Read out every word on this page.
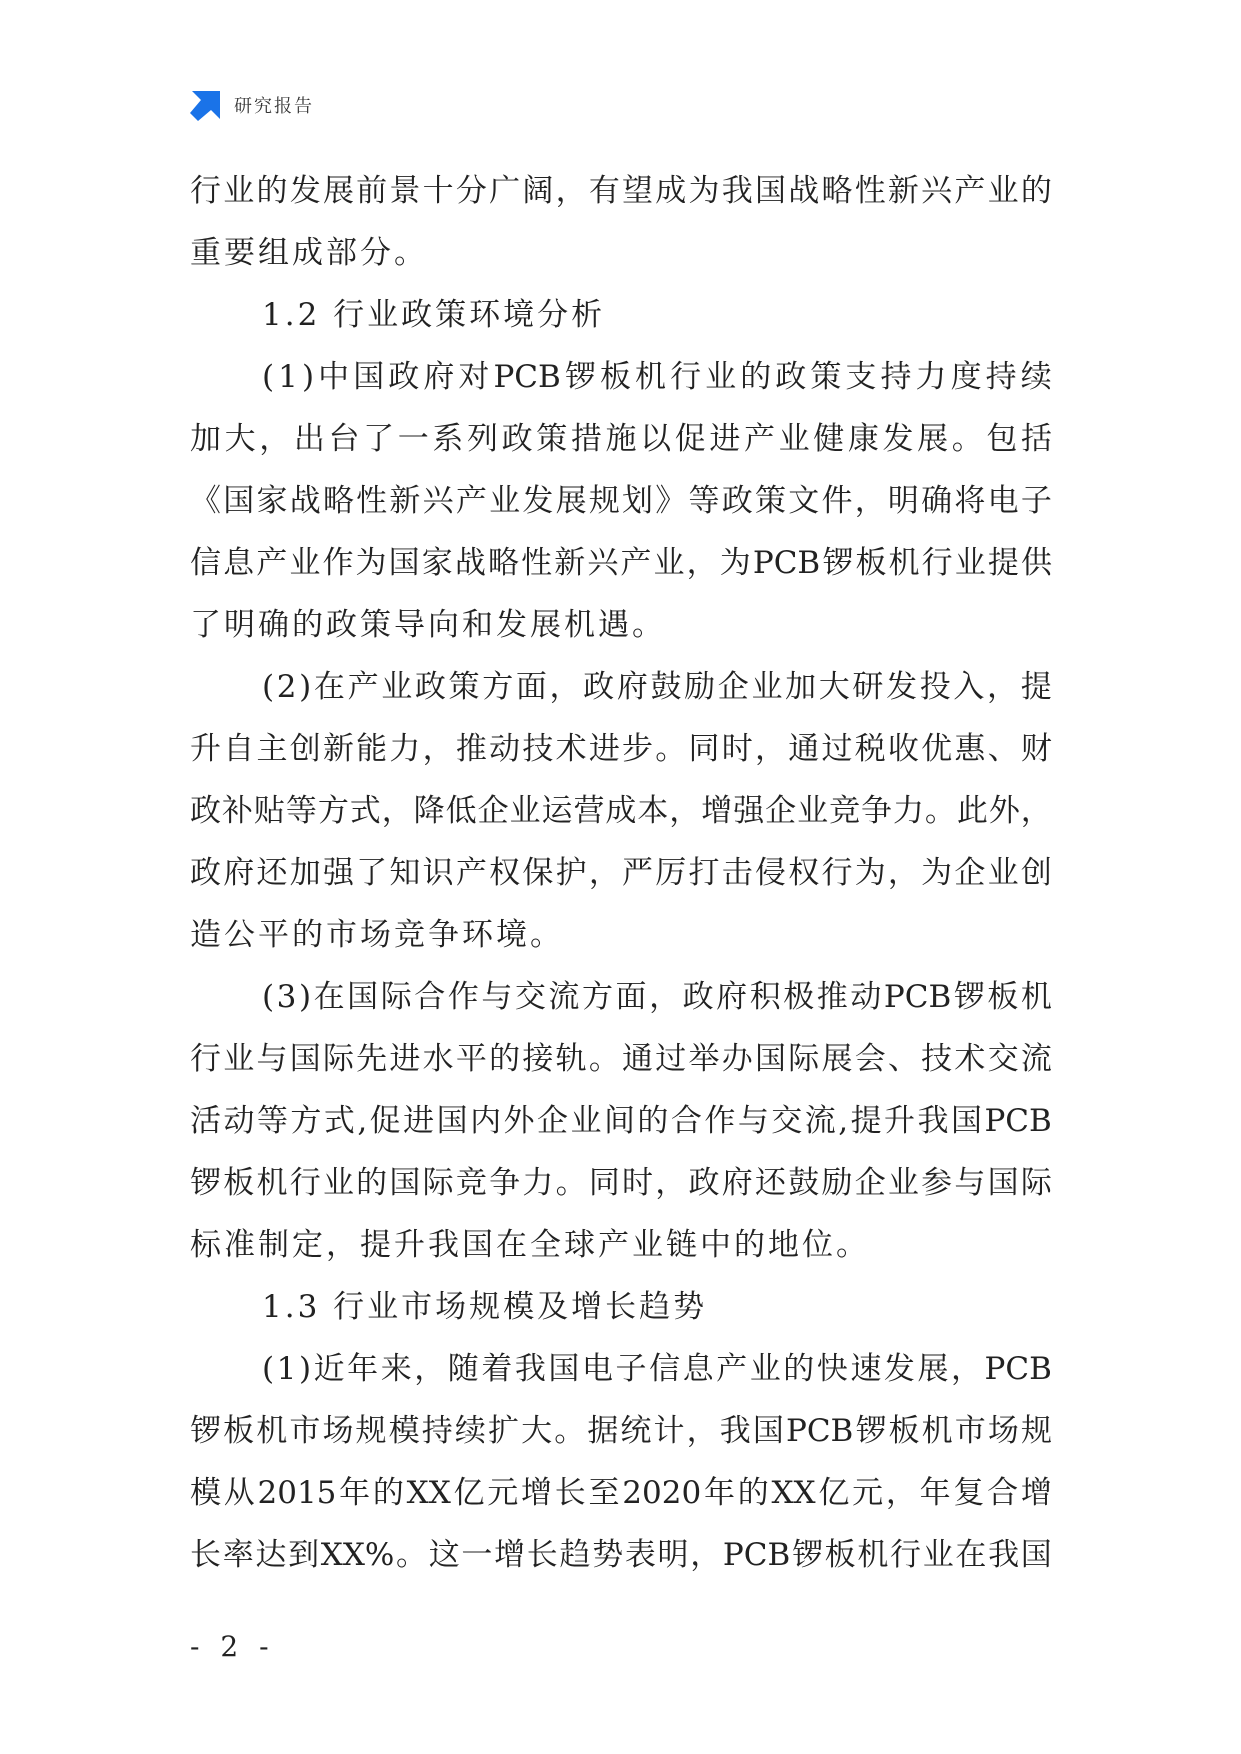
研究报告
行 业 的 发 展 前 景 十 分 广 阔 ， 有 望 成 为 我 国 战 略 性 新 兴 产 业 的
重要组成部分。
1.2 行业政策环境分析
( 1 ) 中 国 政 府 对 PCB 锣 板 机 行 业 的 政 策 支 持 力 度 持 续
加 大 ， 出 台 了 一 系 列 政 策 措 施 以 促 进 产 业 健 康 发 展 。 包 括
《 国 家 战 略 性 新 兴 产 业 发 展 规 划 》 等 政 策 文 件 ， 明 确 将 电 子
信 息 产 业 作 为 国 家 战 略 性 新 兴 产 业 ， 为 PCB 锣 板 机 行 业 提 供
了明确的政策导向和发展机遇。
( 2 ) 在 产 业 政 策 方 面 ， 政 府 鼓 励 企 业 加 大 研 发 投 入 ， 提
升 自 主 创 新 能 力 ， 推 动 技 术 进 步 。 同 时 ， 通 过 税 收 优 惠 、 财
政 补 贴 等 方 式 ， 降 低 企 业 运 营 成 本 ， 增 强 企 业 竞 争 力 。 此 外 ，
政 府 还 加 强 了 知 识 产 权 保 护 ， 严 厉 打 击 侵 权 行 为 ， 为 企 业 创
造公平的市场竞争环境。
( 3 ) 在 国 际 合 作 与 交 流 方 面 ， 政 府 积 极 推 动 PCB 锣 板 机
行 业 与 国 际 先 进 水 平 的 接 轨 。 通 过 举 办 国 际 展 会 、 技 术 交 流
活 动 等 方 式 , 促 进 国 内 外 企 业 间 的 合 作 与 交 流 , 提 升 我 国 PCB
锣 板 机 行 业 的 国 际 竞 争 力 。 同 时 ， 政 府 还 鼓 励 企 业 参 与 国 际
标准制定，提升我国在全球产业链中的地位。
1.3 行业市场规模及增长趋势
( 1 ) 近 年 来 ， 随 着 我 国 电 子 信 息 产 业 的 快 速 发 展 ， PCB
锣 板 机 市 场 规 模 持 续 扩 大 。 据 统 计 ， 我 国 PCB 锣 板 机 市 场 规
模 从 2015 年 的 XX 亿 元 增 长 至 2020 年 的 XX 亿 元 ， 年 复 合 增
长 率 达 到 XX% 。 这 一 增 长 趋 势 表 明 ， PCB 锣 板 机 行 业 在 我 国
- 2 -
